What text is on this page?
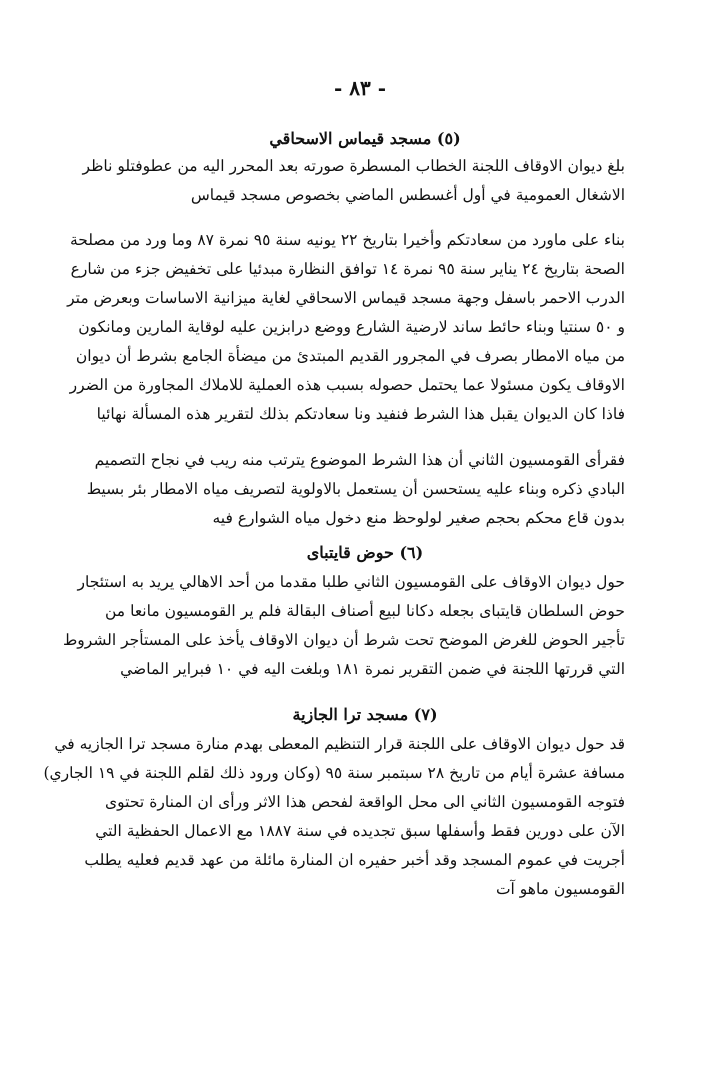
- ٨٣ -
(٥) مسجد قيماس الاسحاقي
بلغ ديوان الاوقاف اللجنة الخطاب المسطرة صورته بعد المحرر اليه من عطوفتلو ناظر
الاشغال العمومية في أول أغسطس الماضي بخصوص مسجد قيماس
بناء على ماورد من سعادتكم وأخيرا بتاريخ ٢٢ يونيه سنة ٩٥ نمرة ٨٧ وما ورد من مصلحة
الصحة بتاريخ ٢٤ يناير سنة ٩٥ نمرة ١٤ توافق النظارة مبدئيا على تخفيض جزء من شارع
الدرب الاحمر باسفل وجهة مسجد قيماس الاسحاقي لغاية ميزانية الاساسات وبعرض متر
و ٥٠ سنتيا وبناء حائط ساند لارضية الشارع ووضع درابزين عليه لوقاية المارين ومانكون
من مياه الامطار بصرف في المجرور القديم المبتدئ من ميضأة الجامع بشرط أن ديوان
الاوقاف يكون مسئولا عما يحتمل حصوله بسبب هذه العملية للاملاك المجاورة من الضرر
فاذا كان الديوان يقبل هذا الشرط فنفيد ونا سعادتكم بذلك لتقرير هذه المسألة نهائيا
فقرأى القومسيون الثاني أن هذا الشرط الموضوع يترتب منه ريب في نجاح التصميم
البادي ذكره وبناء عليه يستحسن أن يستعمل بالاولوية لتصريف مياه الامطار بئر بسيط
بدون قاع محكم بحجم صغير لولوحظ منع دخول مياه الشوارع فيه
(٦) حوض قايتباى
حول ديوان الاوقاف على القومسيون الثاني طلبا مقدما من أحد الاهالي يريد به استئجار
حوض السلطان قايتباى بجعله دكانا لبيع أصناف البقالة فلم ير القومسيون مانعا من
تأجير الحوض للغرض الموضح تحت شرط أن ديوان الاوقاف يأخذ على المستأجر الشروط
التي قررتها اللجنة في ضمن التقرير نمرة ١٨١ وبلغت اليه في ١٠ فبراير الماضي
(٧) مسجد ترا الجازية
قد حول ديوان الاوقاف على اللجنة قرار التنظيم المعطى بهدم منارة مسجد ترا الجازيه في
مسافة عشرة أيام من تاريخ ٢٨ سبتمبر سنة ٩٥ (وكان ورود ذلك لقلم اللجنة في ١٩ الجاري)
فتوجه القومسيون الثاني الى محل الواقعة لفحص هذا الاثر ورأى ان المنارة تحتوى
الآن على دورين فقط وأسفلها سبق تجديده في سنة ١٨٨٧ مع الاعمال الحفظية التي
أجريت في عموم المسجد وقد أخبر حفيره ان المنارة مائلة من عهد قديم فعليه يطلب
القومسيون ماهو آت
